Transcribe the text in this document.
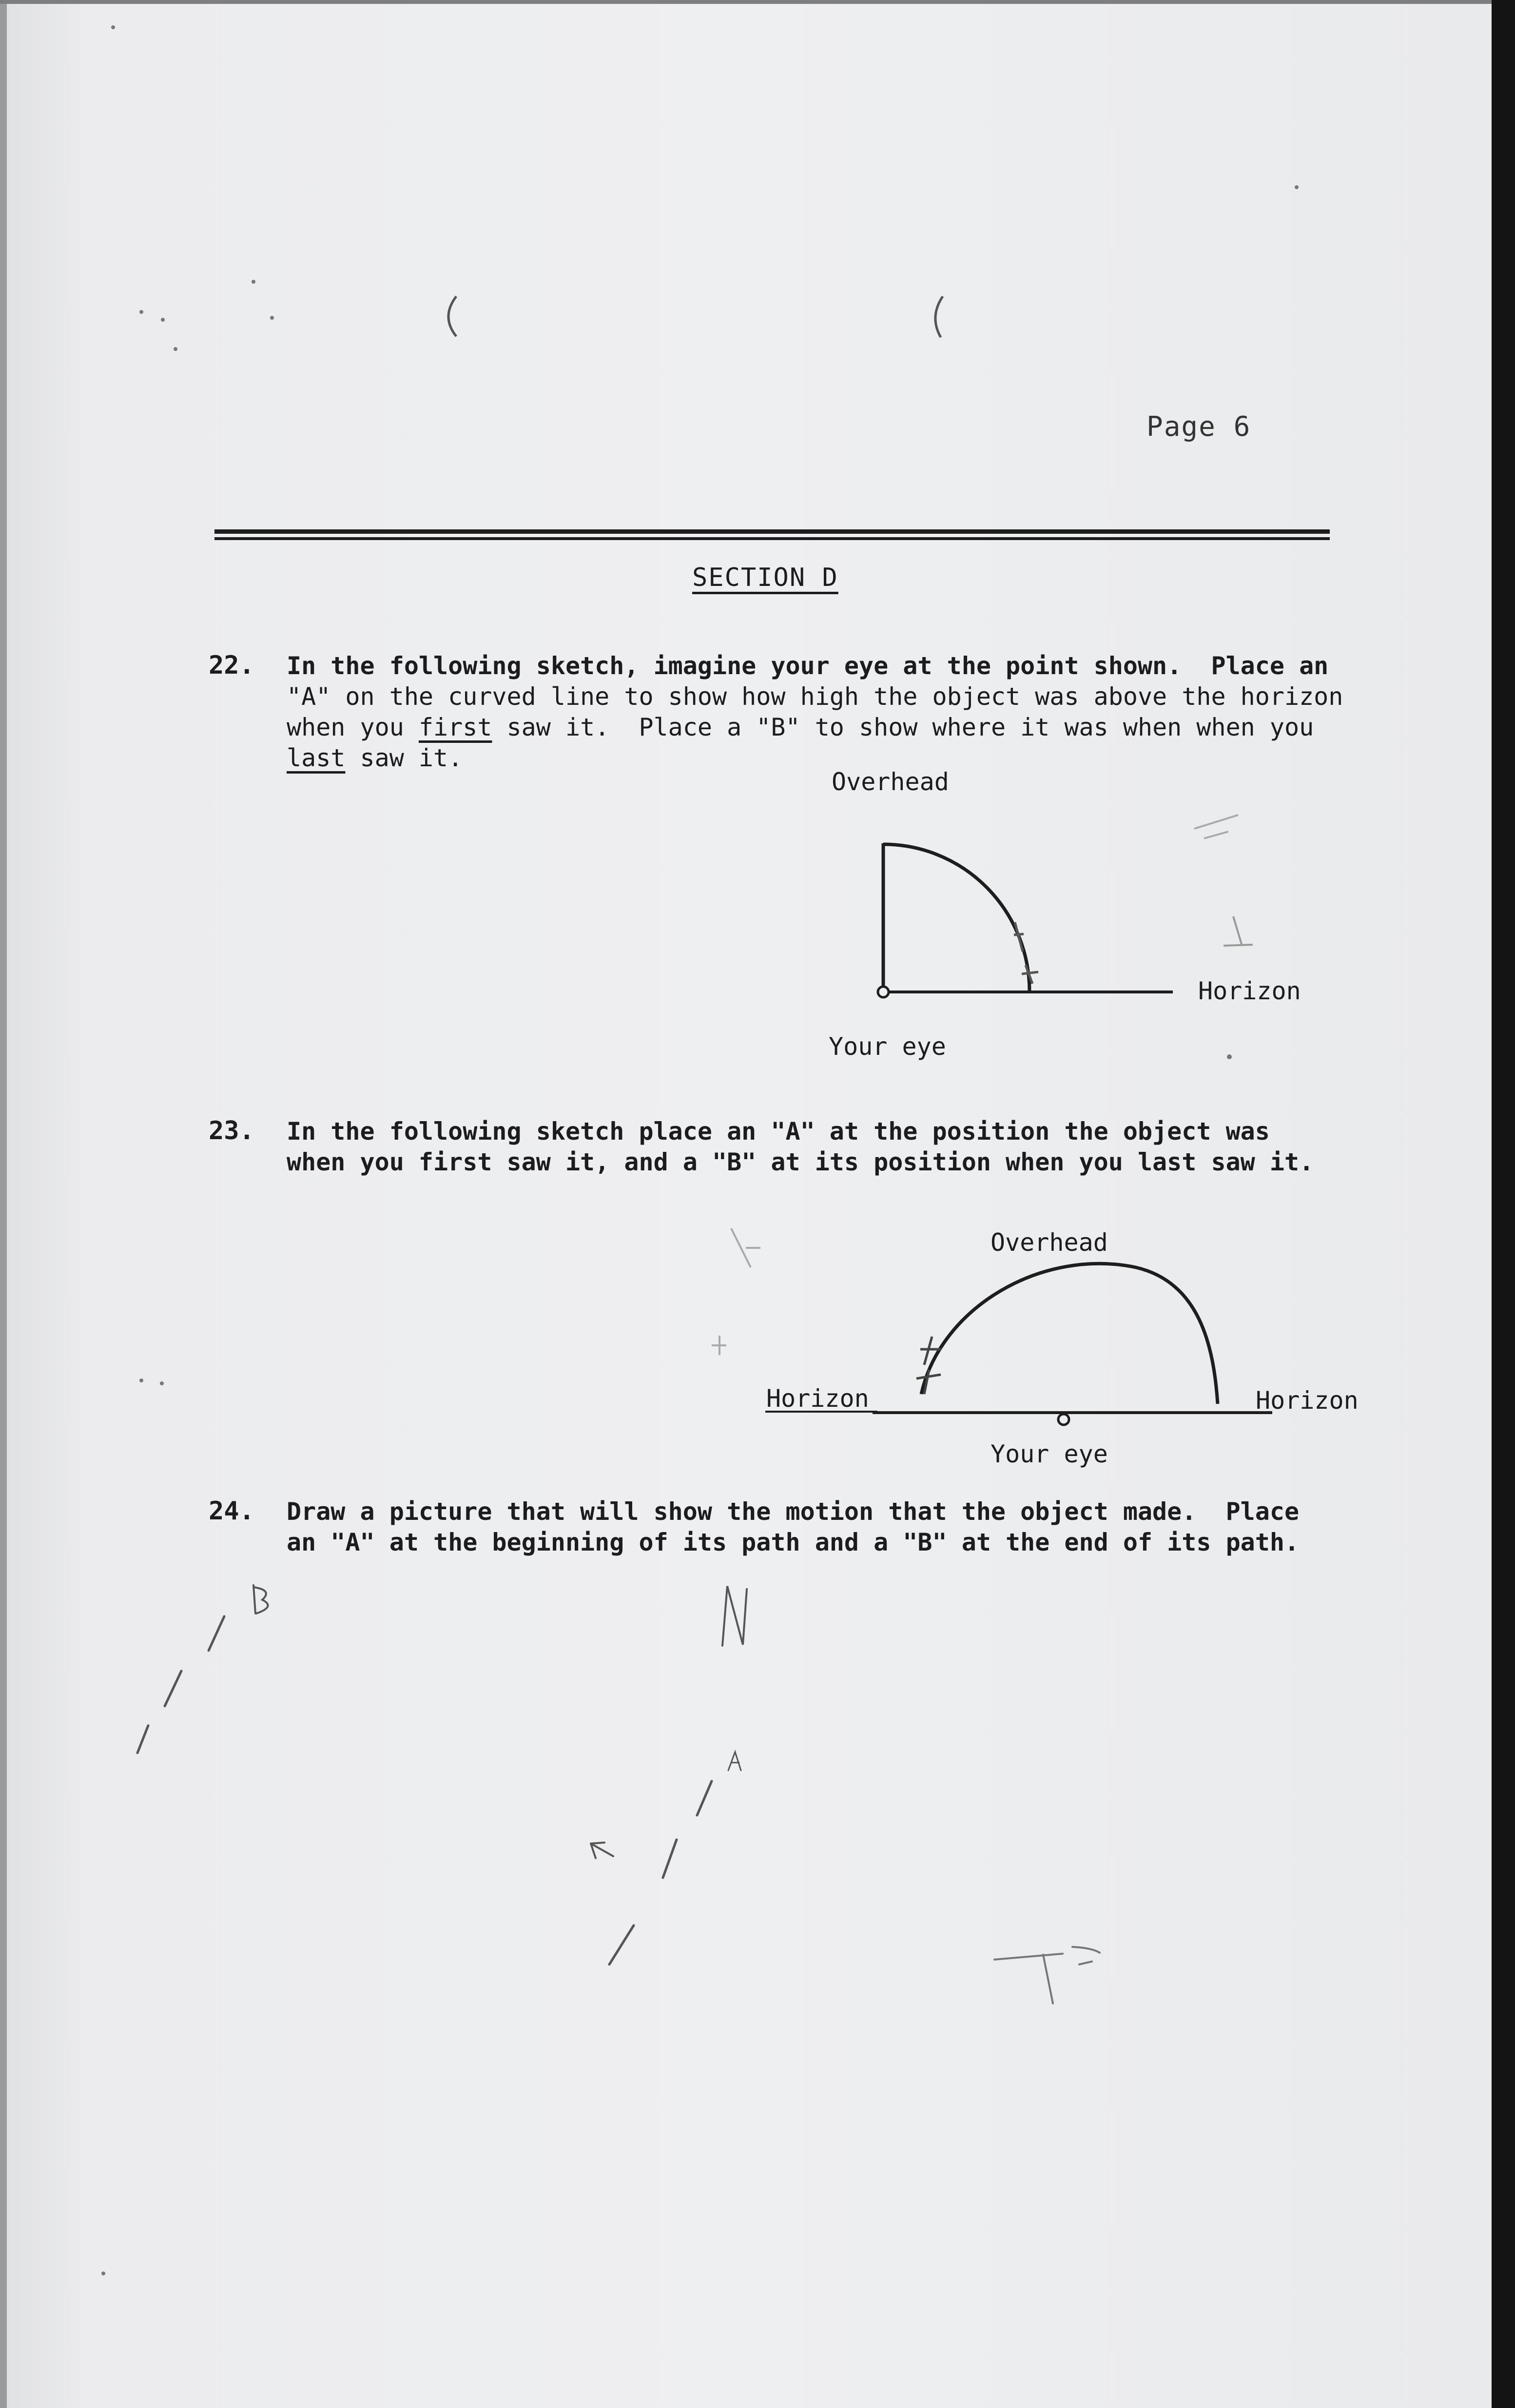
Page 6
SECTION D
22. In the following sketch, imagine your eye at the point shown.  Place an
"A" on the curved line to show how high the object was above the horizon
when you first saw it.  Place a "B" to show where it was when when you
last saw it.
Overhead
Horizon
Your eye
23. In the following sketch place an "A" at the position the object was
when you first saw it, and a "B" at its position when you last saw it.
Overhead
Horizon	Horizon
Your eye
24. Draw a picture that will show the motion that the object made.  Place
an "A" at the beginning of its path and a "B" at the end of its path.
